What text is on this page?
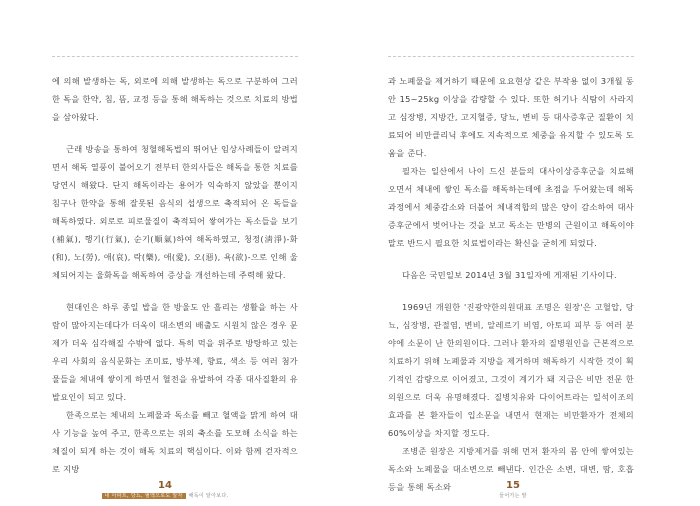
에 의해 발생하는 독, 외로에 의해 발생하는 독으로 구분하여 그러한 독을 한약, 침, 뜸, 교정 등을 통해 해독하는 것으로 치료의 방법을 삼아왔다.

근래 방송을 통하여 청혈해독법의 뛰어난 임상사례들이 알려지면서 해독 열풍이 불어오기 전부터 한의사들은 해독을 통한 치료를 당연시 해왔다. 단지 해독이라는 용어가 익숙하지 않았을 뿐이지 침구나 한약을 통해 잘못된 음식의 섭생으로 축적되어 온 독들을 해독하였다. 외로로 피로물질이 축적되어 쌓여가는 독소들을 보기(補氣), 행기(行氣), 순기(順氣)하여 해독하였고, 청정(淸淨)-화(和), 노(勞), 애(哀), 락(樂), 애(愛), 오(惡), 욕(欲)-으로 인해 울체되어지는 울화독을 해독하여 증상을 개선하는데 주력해 왔다.

현대인은 하루 종일 밥을 한 방울도 안 흘리는 생활을 하는 사람이 많아지는데다가 더욱이 대소변의 배출도 시원치 않은 경우 문제가 더욱 심각해질 수밖에 없다. 특히 먹을 위주로 방탕하고 있는 우리 사회의 음식문화는 조미료, 방부제, 향료, 색소 등 여러 첨가물들을 체내에 쌓이게 하면서 혈전을 유발하여 각종 대사질환의 유발요인이 되고 있다.

한족으로는 체내의 노폐물과 독소를 빼고 혈액을 맑게 하여 대사 기능을 높여 주고, 한족으로는 위의 축소를 도모해 소식을 하는 체질이 되게 하는 것이 해독 치료의 핵심이다. 이와 함께 걷자적으로 지방

14
내 아파트, 당뇨, 혈액으로도 알자 해독이 알아보다.

과 노폐물을 제거하기 때문에 요요현상 같은 부작용 없이 3개월 동안 15~25kg 이상을 감량할 수 있다. 또한 허기나 식탐이 사라지고 심장병, 지방간, 고지혈증, 당뇨, 변비 등 대사증후군 질환이 치료되어 비만클리닉 후에도 지속적으로 체중을 유지할 수 있도록 도움을 준다.

필자는 일산에서 나이 드신 분들의 대사이상증후군을 치료해 오면서 체내에 쌓인 독소를 해독하는데에 초점을 두어왔는데 해독과정에서 체중감소와 더불어 체내적합의 많은 양이 감소하여 대사증후군에서 벗어나는 것을 보고 독소는 만병의 근원이고 해독이야 말로 반드시 필요한 치료법이라는 확신을 굳히게 되었다.

다음은 국민일보 2014년 3월 31일자에 게재된 기사이다.

1969년 개원한 '진광약한의원대표 조명은 원장'은 고혈압, 당뇨, 심장병, 관절염, 변비, 알레르기 비염, 아토피 피부 등 여러 분야에 소문이 난 한의원이다. 그러나 환자의 질병원인을 근본적으로 치료하기 위해 노폐물과 지방을 제거하며 해독하기 시작한 것이 획기적인 감량으로 이어졌고, 그것이 계기가 돼 지금은 비만 전문 한의원으로 더욱 유명해졌다. 질병치유와 다이어트라는 일석이조의 효과를 본 환자들이 입소문을 내면서 현재는 비만환자가 전체의 60%이상을 차지할 정도다.

조병준 원장은 지방제거를 위해 먼저 환자의 몸 안에 쌓여있는 독소와 노폐물을 대소변으로 빼낸다. 인간은 소변, 대변, 땀, 호흡 등을 통해 독소와	15
들어가는 말
